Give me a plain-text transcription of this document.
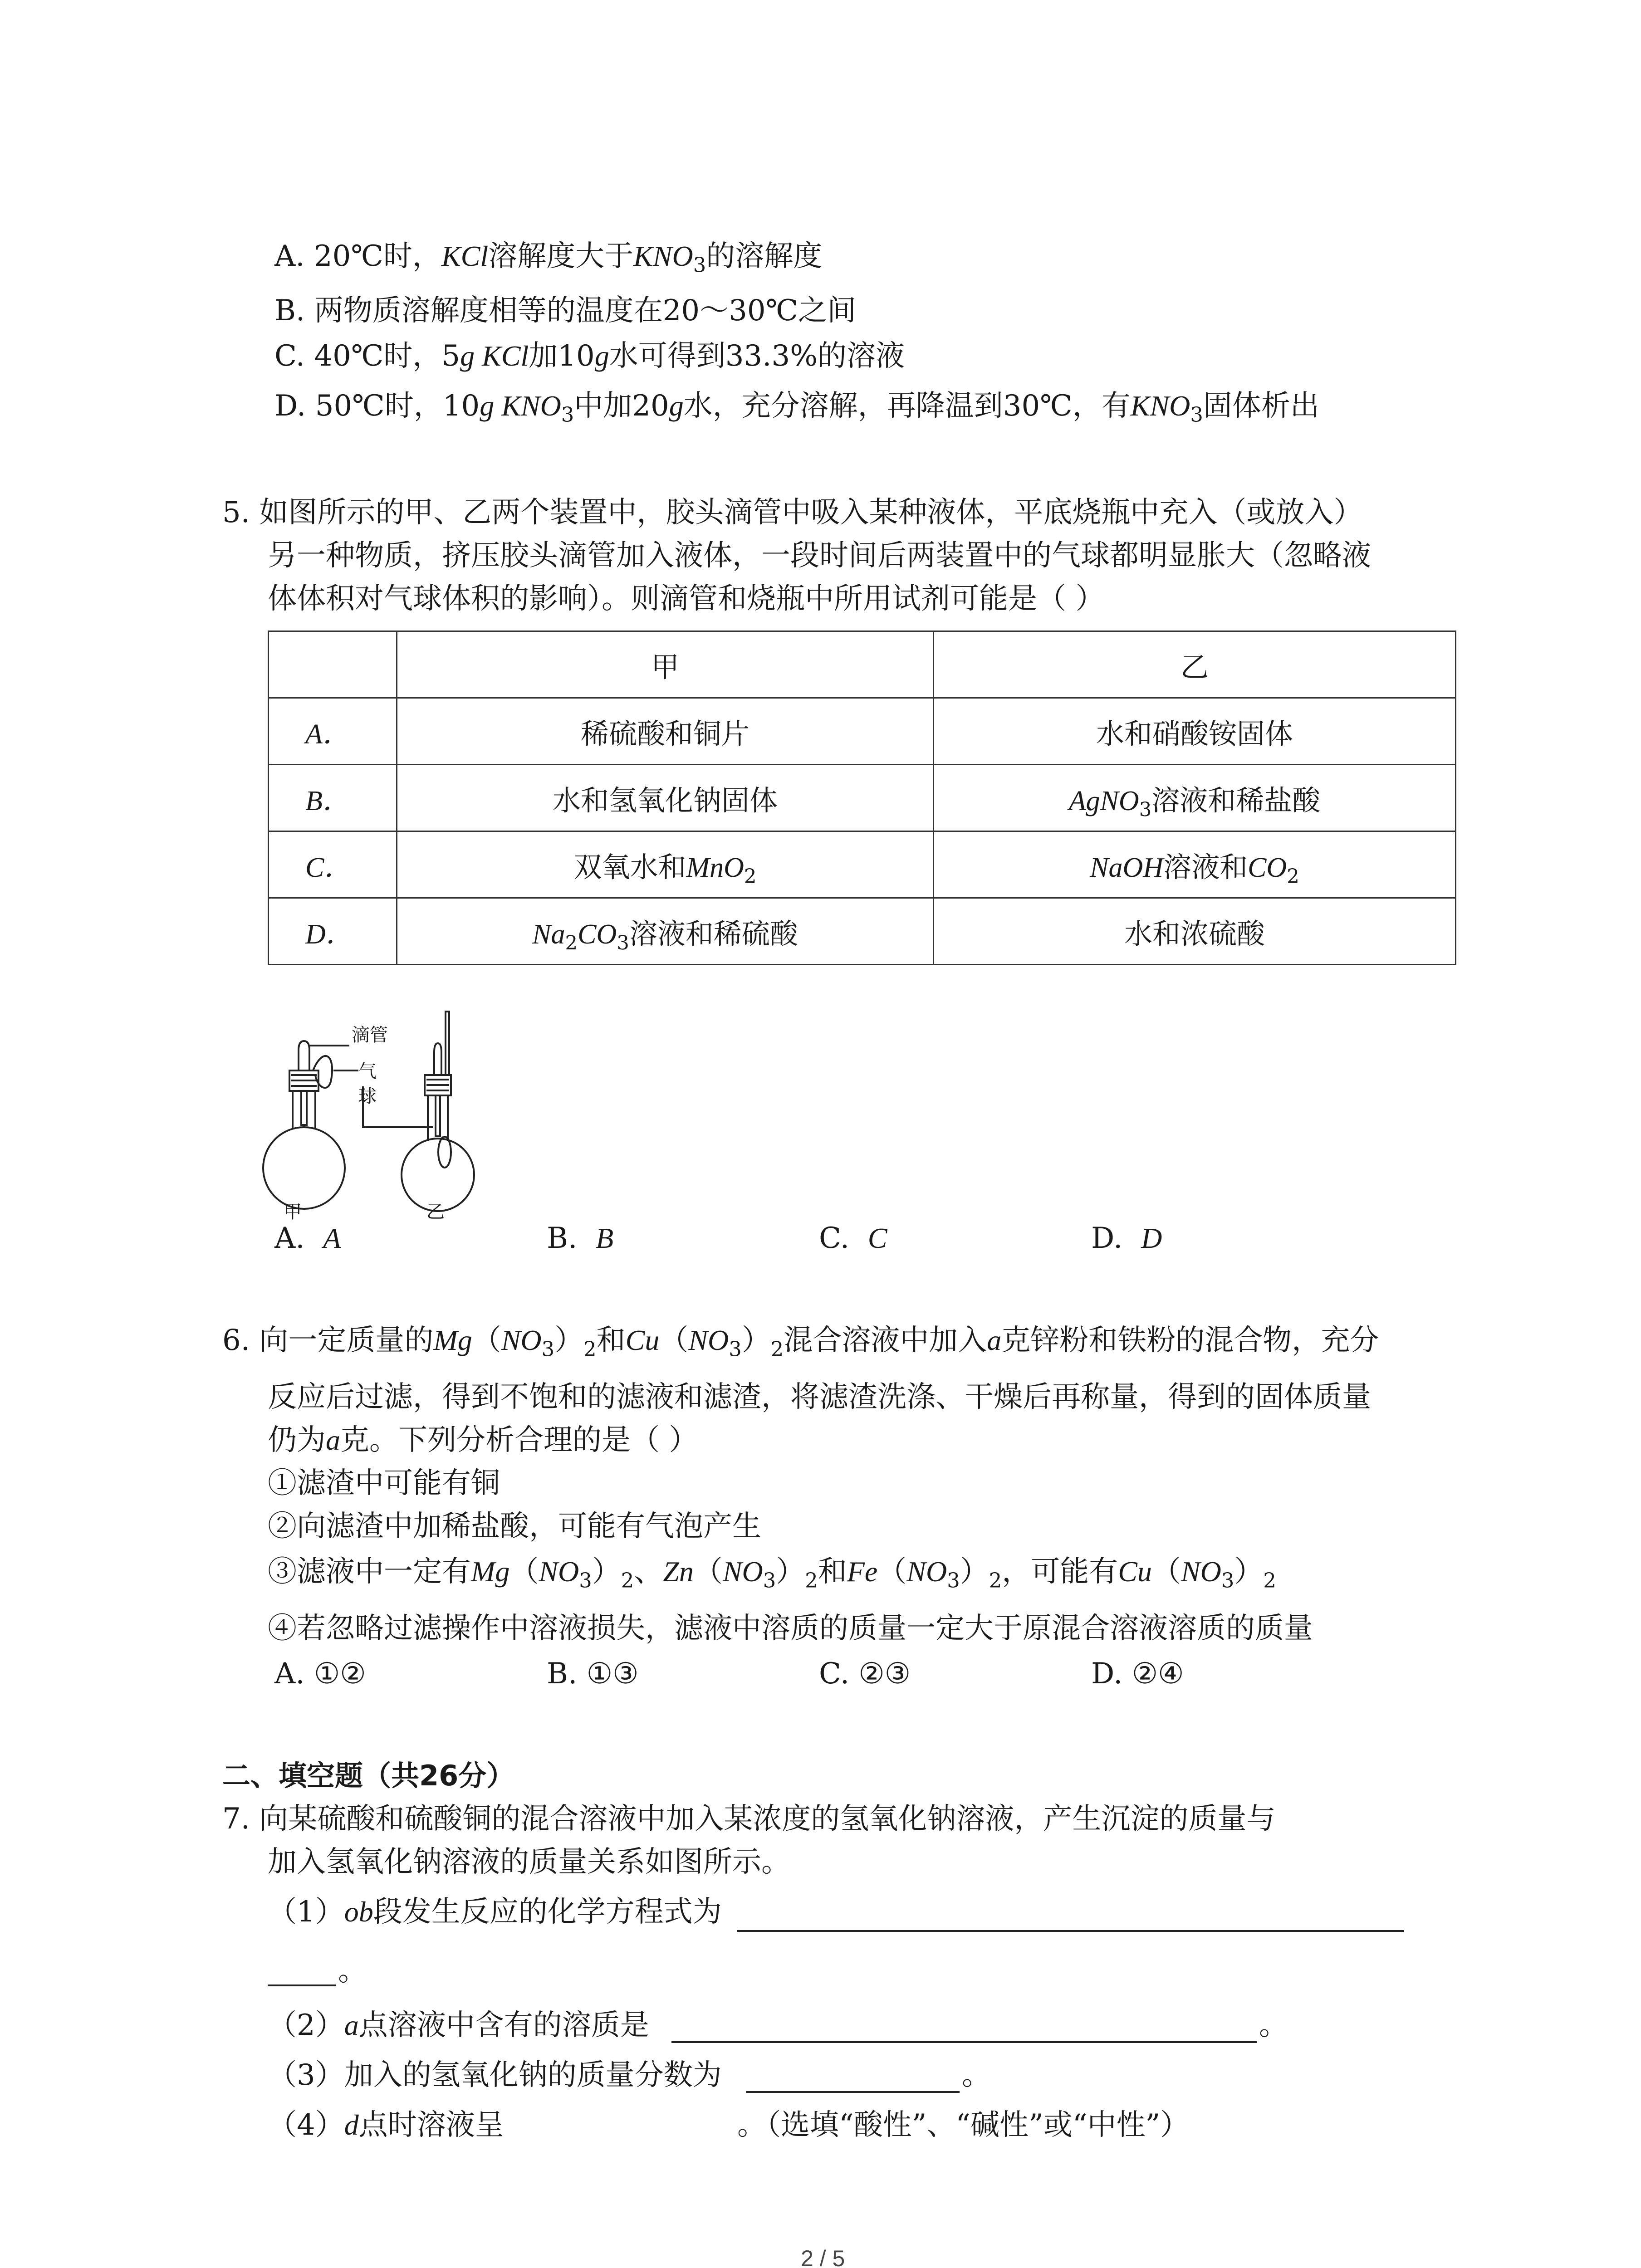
A. 20℃时，KCl溶解度大于$KNO_3$的溶解度
B. 两物质溶解度相等的温度在20～30℃之间
C. 40℃时，5g KCl加10g水可得到33.3%的溶液
D. 50℃时，10g $KNO_3$中加20g水，充分溶解，再降温到30℃，有$KNO_3$固体析出
5. 如图所示的甲、乙两个装置中，胶头滴管中吸入某种液体，平底烧瓶中充入（或放入）
另一种物质，挤压胶头滴管加入液体，一段时间后两装置中的气球都明显胀大（忽略液
体体积对气球体积的影响）。则滴管和烧瓶中所用试剂可能是（ ）
	甲	乙
A．	稀硫酸和铜片	水和硝酸铵固体
B．	水和氢氧化钠固体	AgNO$_3$溶液和稀盐酸
C．	双氧水和MnO$_2$	NaOH溶液和$CO_2$
D．	$Na_2CO_3$溶液和稀硫酸	水和浓硫酸
滴管
气
球
甲	乙
A. A	B. B	C. C	D. D
6. 向一定质量的$Mg(NO_3)_2$和$Cu(NO_3)_2$混合溶液中加入a克锌粉和铁粉的混合物，充分
反应后过滤，得到不饱和的滤液和滤渣，将滤渣洗涤、干燥后再称量，得到的固体质量
仍为a克。下列分析合理的是（ ）
①滤渣中可能有铜
②向滤渣中加稀盐酸，可能有气泡产生
③滤液中一定有$Mg(NO_3)_2$、$Zn(NO_3)_2$和$Fe(NO_3)_2$，可能有$Cu(NO_3)_2$
④若忽略过滤操作中溶液损失，滤液中溶质的质量一定大于原混合溶液溶质的质量
A. ①②	B. ①③	C. ②③	D. ②④
二、填空题（共26分）
7. 向某硫酸和硫酸铜的混合溶液中加入某浓度的氢氧化钠溶液，产生沉淀的质量与
加入氢氧化钠溶液的质量关系如图所示。
（1）ob段发生反应的化学方程式为
。
（2）a点溶液中含有的溶质是	。
（3）加入的氢氧化钠的质量分数为	。
（4）d点时溶液呈	。（选填“酸性”、“碱性”或“中性”）
2 / 5
